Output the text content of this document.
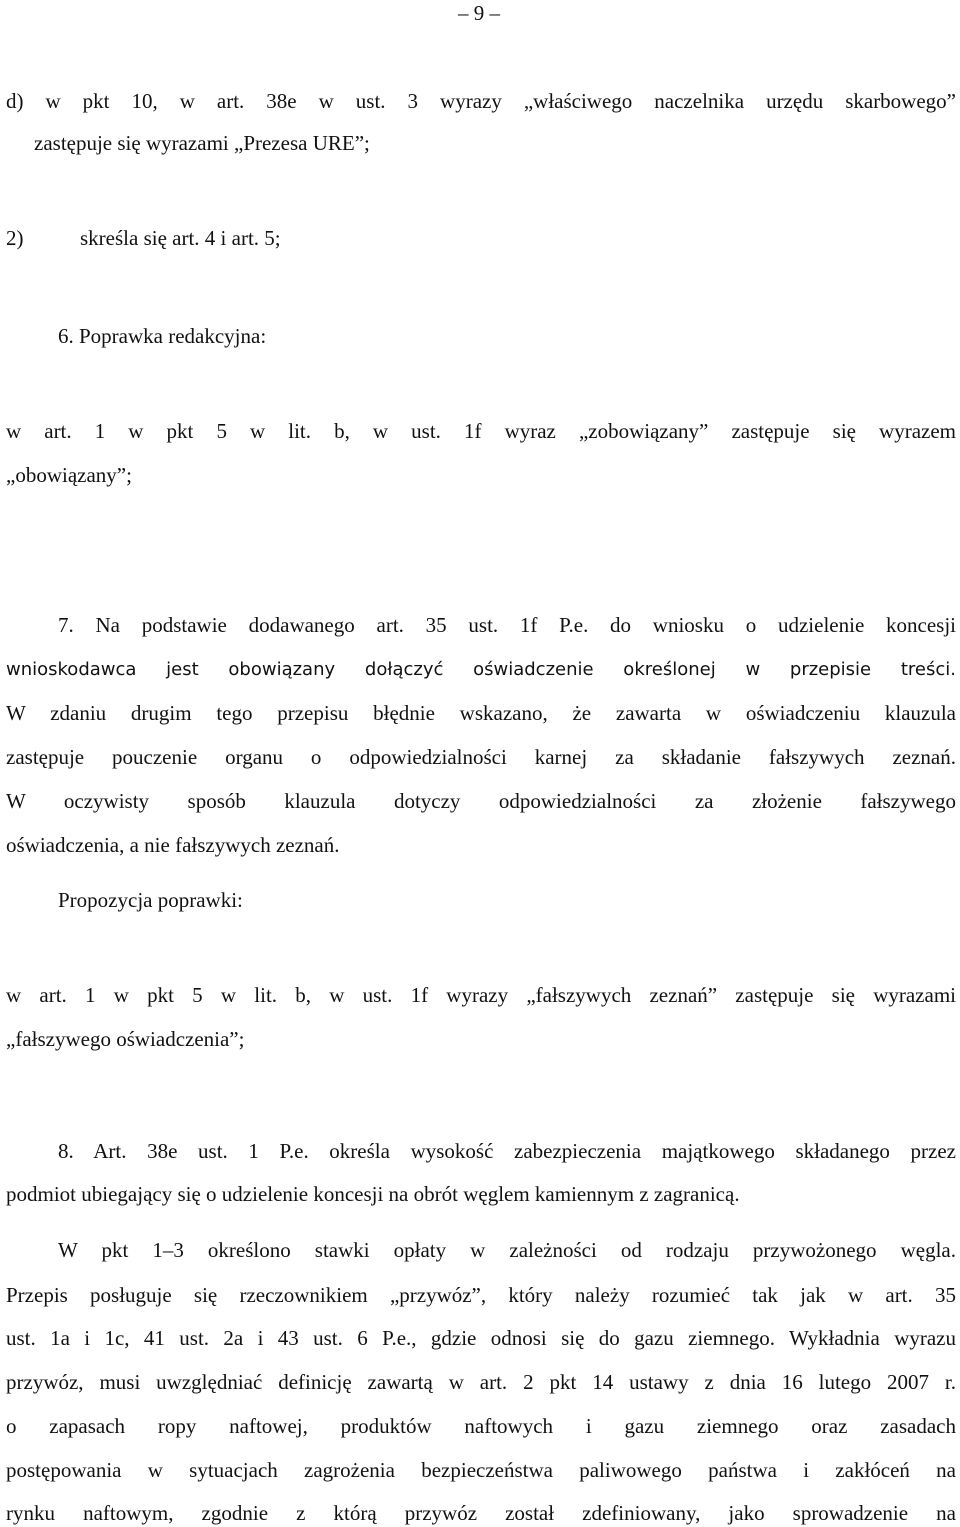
– 9 –

d) w pkt 10, w art. 38e w ust. 3 wyrazy „właściwego naczelnika urzędu skarbowego”

zastępuje się wyrazami „Prezesa URE”;

2)	skreśla się art. 4 i art. 5;

6. Poprawka redakcyjna:

w art. 1 w pkt 5 w lit. b, w ust. 1f wyraz „zobowiązany” zastępuje się wyrazem

„obowiązany”;

7. Na podstawie dodawanego art. 35 ust. 1f P.e. do wniosku o udzielenie koncesji

wnioskodawca jest obowiązany dołączyć oświadczenie określonej w przepisie treści.

W zdaniu drugim tego przepisu błędnie wskazano, że zawarta w oświadczeniu klauzula

zastępuje pouczenie organu o odpowiedzialności karnej za składanie fałszywych zeznań.

W oczywisty sposób klauzula dotyczy odpowiedzialności za złożenie fałszywego

oświadczenia, a nie fałszywych zeznań.

Propozycja poprawki:

w art. 1 w pkt 5 w lit. b, w ust. 1f wyrazy „fałszywych zeznań” zastępuje się wyrazami

„fałszywego oświadczenia”;

8. Art. 38e ust. 1 P.e. określa wysokość zabezpieczenia majątkowego składanego przez

podmiot ubiegający się o udzielenie koncesji na obrót węglem kamiennym z zagranicą.

W pkt 1–3 określono stawki opłaty w zależności od rodzaju przywożonego węgla.

Przepis posługuje się rzeczownikiem „przywóz”, który należy rozumieć tak jak w art. 35

ust. 1a i 1c, 41 ust. 2a i 43 ust. 6 P.e., gdzie odnosi się do gazu ziemnego. Wykładnia wyrazu

przywóz, musi uwzględniać definicję zawartą w art. 2 pkt 14 ustawy z dnia 16 lutego 2007 r.

o zapasach ropy naftowej, produktów naftowych i gazu ziemnego oraz zasadach

postępowania w sytuacjach zagrożenia bezpieczeństwa paliwowego państwa i zakłóceń na

rynku naftowym, zgodnie z którą przywóz został zdefiniowany, jako sprowadzenie na
